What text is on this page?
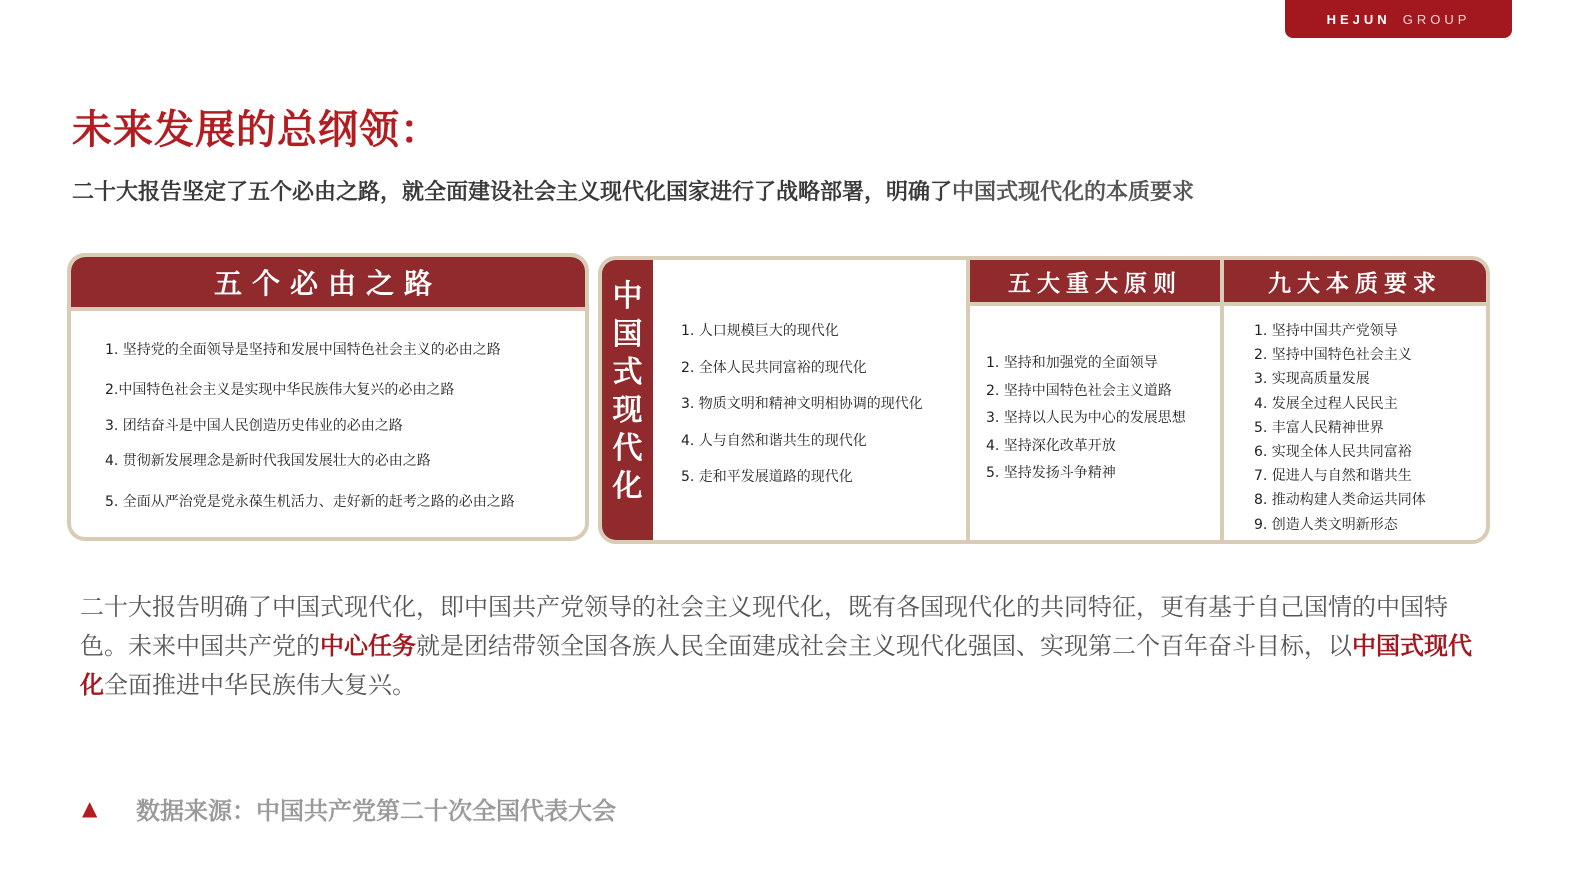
HEJUN GROUP
未来发展的总纲领：
二十大报告坚定了五个必由之路，就全面建设社会主义现代化国家进行了战略部署，明确了中国式现代化的本质要求
五个必由之路
1. 坚持党的全面领导是坚持和发展中国特色社会主义的必由之路
2.中国特色社会主义是实现中华民族伟大复兴的必由之路
3. 团结奋斗是中国人民创造历史伟业的必由之路
4. 贯彻新发展理念是新时代我国发展壮大的必由之路
5. 全面从严治党是党永葆生机活力、走好新的赶考之路的必由之路
中
国
式
现
代
化
1. 人口规模巨大的现代化
2. 全体人民共同富裕的现代化
3. 物质文明和精神文明相协调的现代化
4. 人与自然和谐共生的现代化
5. 走和平发展道路的现代化
五大重大原则
1. 坚持和加强党的全面领导
2. 坚持中国特色社会主义道路
3. 坚持以人民为中心的发展思想
4. 坚持深化改革开放
5. 坚持发扬斗争精神
九大本质要求
1. 坚持中国共产党领导
2. 坚持中国特色社会主义
3. 实现高质量发展
4. 发展全过程人民民主
5. 丰富人民精神世界
6. 实现全体人民共同富裕
7. 促进人与自然和谐共生
8. 推动构建人类命运共同体
9. 创造人类文明新形态

二十大报告明确了中国式现代化，即中国共产党领导的社会主义现代化，既有各国现代化的共同特征，更有基于自己国情的中国特色。未来中国共产党的中心任务就是团结带领全国各族人民全面建成社会主义现代化强国、实现第二个百年奋斗目标，以中国式现代化全面推进中华民族伟大复兴。

▲ 数据来源：中国共产党第二十次全国代表大会
